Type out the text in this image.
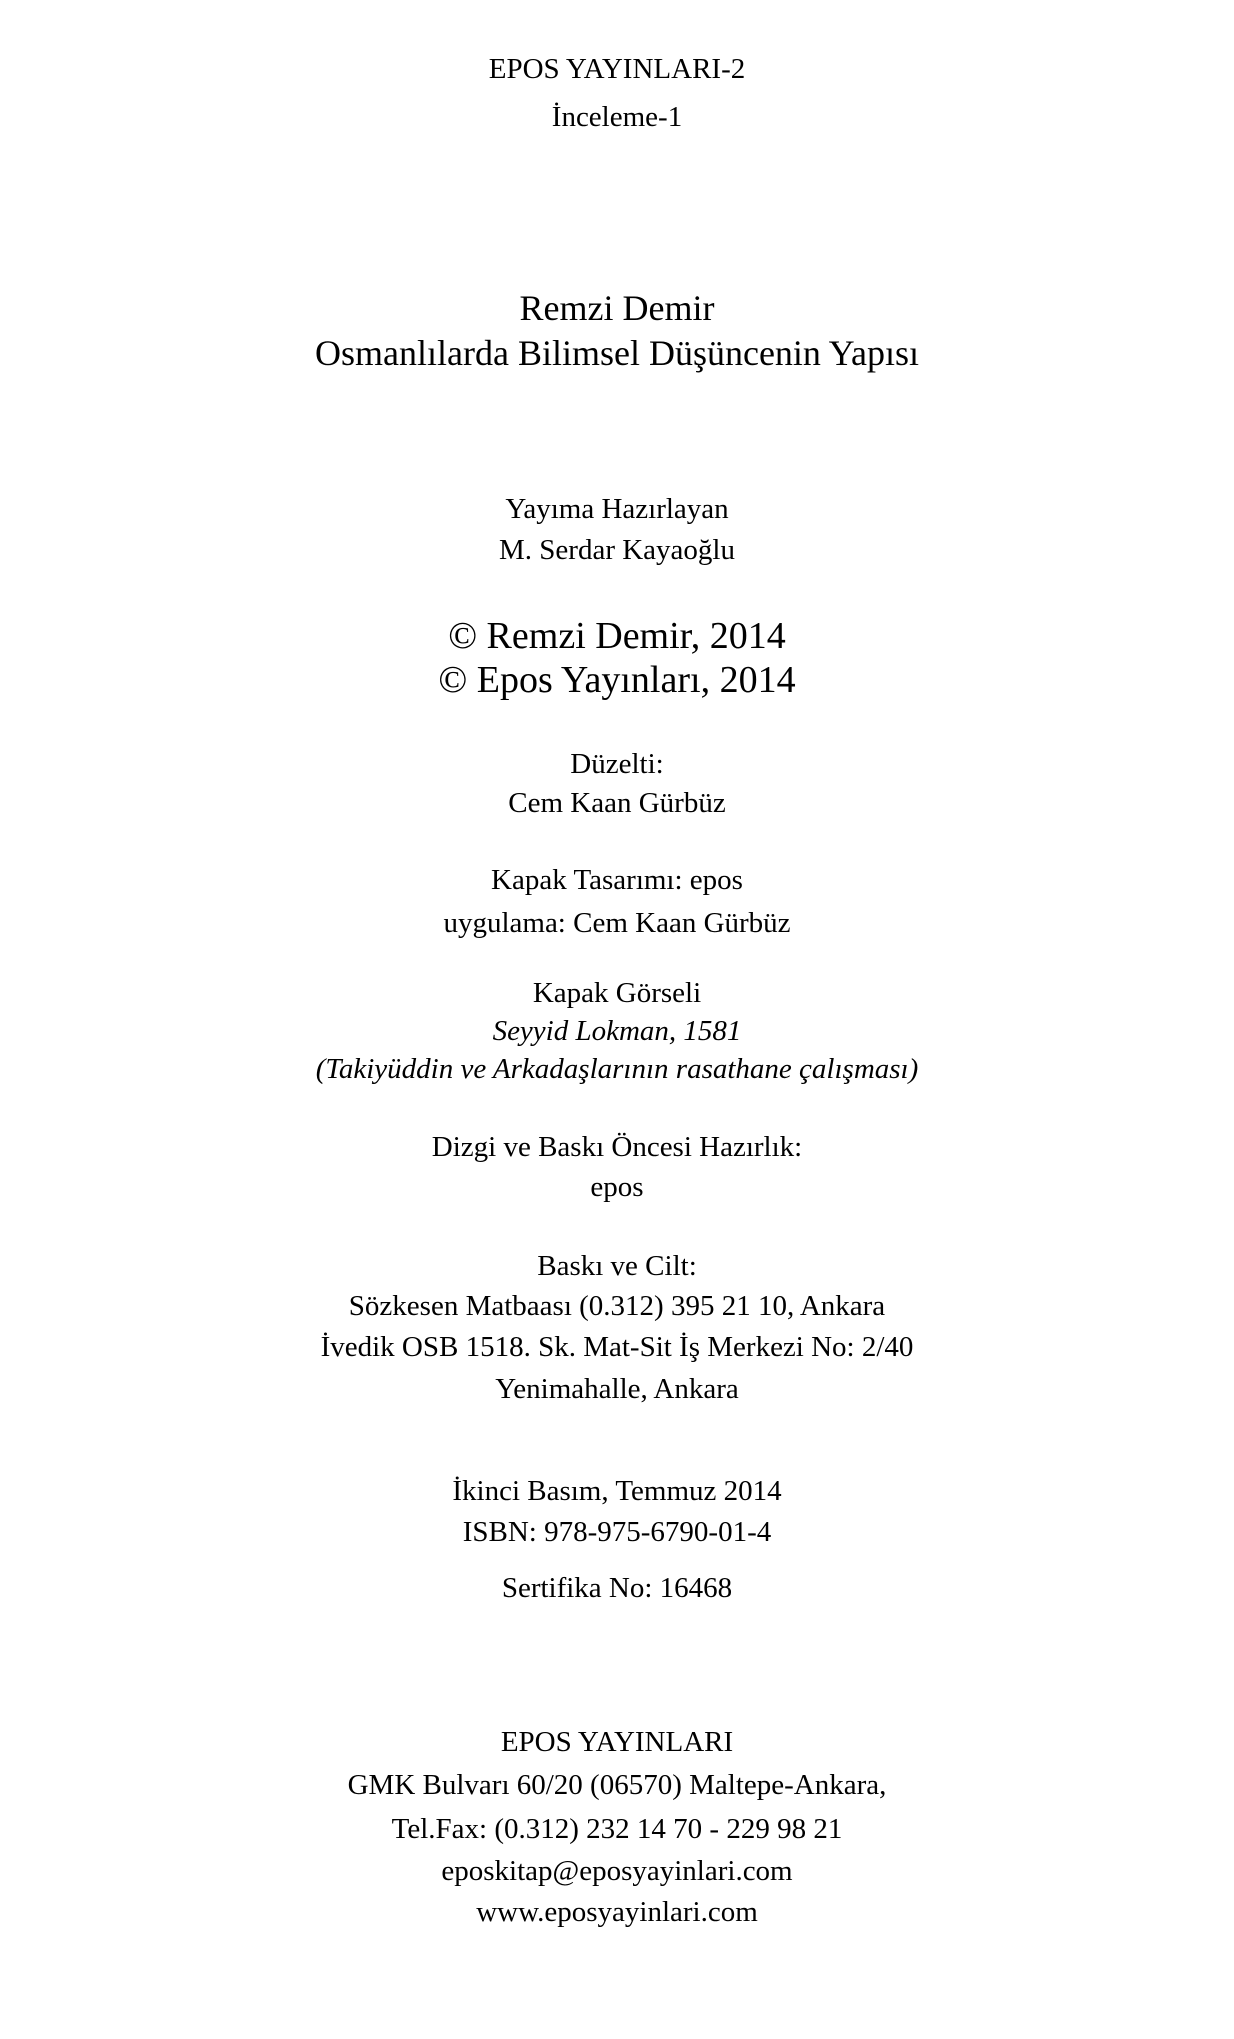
EPOS YAYINLARI-2
İnceleme-1
Remzi Demir
Osmanlılarda Bilimsel Düşüncenin Yapısı
Yayıma Hazırlayan
M. Serdar Kayaoğlu
© Remzi Demir, 2014
© Epos Yayınları, 2014
Düzelti:
Cem Kaan Gürbüz
Kapak Tasarımı: epos
uygulama: Cem Kaan Gürbüz
Kapak Görseli
Seyyid Lokman, 1581
(Takiyüddin ve Arkadaşlarının rasathane çalışması)
Dizgi ve Baskı Öncesi Hazırlık:
epos
Baskı ve Cilt:
Sözkesen Matbaası (0.312) 395 21 10, Ankara
İvedik OSB 1518. Sk. Mat-Sit İş Merkezi No: 2/40
Yenimahalle, Ankara
İkinci Basım, Temmuz 2014
ISBN: 978-975-6790-01-4
Sertifika No: 16468
EPOS YAYINLARI
GMK Bulvarı 60/20 (06570) Maltepe-Ankara,
Tel.Fax: (0.312) 232 14 70 - 229 98 21
eposkitap@eposyayinlari.com
www.eposyayinlari.com
